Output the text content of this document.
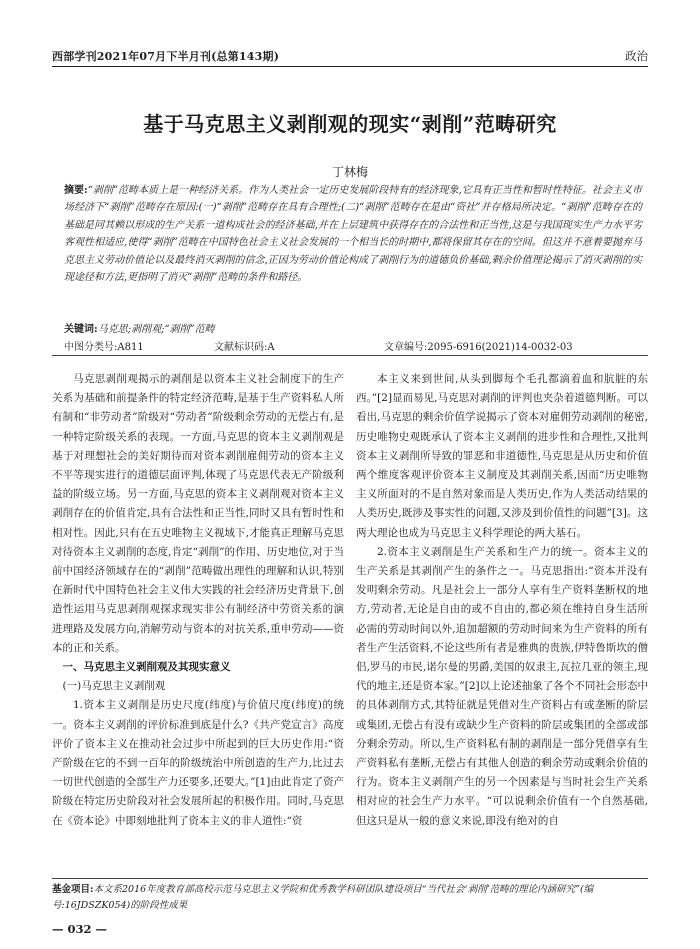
西部学刊2021年07月下半月刊(总第143期)	政治
基于马克思主义剥削观的现实“剥削”范畴研究
丁林梅
摘要:“剥削”范畴本质上是一种经济关系。作为人类社会一定历史发展阶段特有的经济现象,它具有正当性和暂时性特征。社会主义市场经济下“剥削”范畴存在原因:(一)“剥削”范畴存在具有合理性;(二)“剥削”范畴存在是由“资社”并存格局所决定。“剥削”范畴存在的基础是同其赖以形成的生产关系一道构成社会的经济基础,并在上层建筑中获得存在的合法性和正当性,这是与我国现实生产力水平劣客观性相适应,使得“剥削”范畴在中国特色社会主义社会发展的一个相当长的时期中,都将保留其存在的空间。但这并不意着要抛弃马克思主义劳动价值论以及最终消灭剥削的信念,正因为劳动价值论构成了剥削行为的道德负价基础,剩余价值理论揭示了消灭剥削的实现途径和方法,更指明了消灭“剥削”范畴的条件和路径。
关键词:马克思;剥削观;“剥削”范畴
中图分类号:A811	文献标识码:A	文章编号:2095-6916(2021)14-0032-03

马克思剥削观揭示的剥削是以资本主义社会制度下的生产关系为基础和前提条件的特定经济范畴,是基于生产资料私人所有制和“非劳动者”阶级对“劳动者”阶级剩余劳动的无偿占有,是一种特定阶级关系的表现。一方面,马克思的资本主义剥削观是基于对理想社会的美好期待而对资本剥削雇佣劳动的资本主义不平等现实进行的道德层面评判,体现了马克思代表无产阶级利益的阶级立场。另一方面,马克思的资本主义剥削观对资本主义剥削存在的价值肯定,具有合法性和正当性,同时又具有暂时性和相对性。因此,只有在五史唯物主义视域下,才能真正理解马克思对待资本主义剥削的态度,肯定“剥削”的作用、历史地位,对于当前中国经济领域存在的“剥削”范畴做出理性的理解和认识,特别在新时代中国特色社会主义伟大实践的社会经济历史背景下,创造性运用马克思剥削观探求现实非公有制经济中劳资关系的演进理路及发展方向,消解劳动与资本的对抗关系,重申劳动——资本的正和关系。

一、马克思主义剥削观及其现实意义
(一)马克思主义剥削观

1.资本主义剥削是历史尺度(纬度)与价值尺度(纬度)的统一。资本主义剥削的评价标准到底是什么?《共产党宣言》高度评价了资本主义在推动社会过步中所起到的巨大历史作用:“资产阶级在它的不到一百年的阶级统治中所创造的生产力,比过去一切世代创造的全部生产力还要多,还要大。”[1]由此肯定了资产阶级在特定历史阶段对社会发展所起的积极作用。同时,马克思在《资本论》中即刻地批判了资本主义的非人道性:“资

本主义来到世间,从头到脚每个毛孔都滴着血和肮脏的东西。”[2]显而易见,马克思对剥削的评判也夹杂着道德判断。可以看出,马克思的剩余价值学说揭示了资本对雇佣劳动剥削的秘密,历史唯物史观既承认了资本主义剥削的进步性和合理性,又批判资本主义剥削所导致的罪恶和非道德性,马克思是从历史和价值两个维度客观评价资本主义制度及其剥削关系,因而“历史唯物主义所面对的不是自然对象而是人类历史,作为人类活动结果的人类历史,既涉及事实性的问题,又涉及到价值性的问题”[3]。这两大理论也成为马克思主义科学理论的两大基石。

2.资本主义剥削是生产关系和生产力的统一。资本主义的生产关系是其剥削产生的条件之一。马克思指出:“资本并没有发明剩余劳动。凡是社会上一部分人享有生产资料垄断权的地方,劳动者,无论是自由的或不自由的,都必须在维持自身生活所必需的劳动时间以外,追加超额的劳动时间来为生产资料的所有者生产生活资料,不论这些所有者是雅典的贵族,伊特鲁斯坎的僧侣,罗马的市民,诺尔曼的男爵,美国的奴隶主,瓦拉几亚的领主,现代的地主,还是资本家。”[2]以上论述抽象了各个不同社会形态中的具体剥削方式,其特征就是凭借对生产资料占有或垄断的阶层或集团,无偿占有没有或缺少生产资料的阶层或集团的全部或部分剩余劳动。所以,生产资料私有制的剥削是一部分凭借享有生产资料私有垄断,无偿占有其他人创造的剩余劳动或剩余价值的行为。资本主义剥削产生的另一个因素是与当时社会生产关系相对应的社会生产力水平。“可以说剩余价值有一个自然基础,但这只是从一般的意义来说,即没有绝对的自

基金项目:本文系2016年度教育部高校示范马克思主义学院和优秀教学科研团队建设项目“当代社会‘剥削’范畴的理论内涵研究”(编号:16JDSZK054)的阶段性成果
— 032 —
